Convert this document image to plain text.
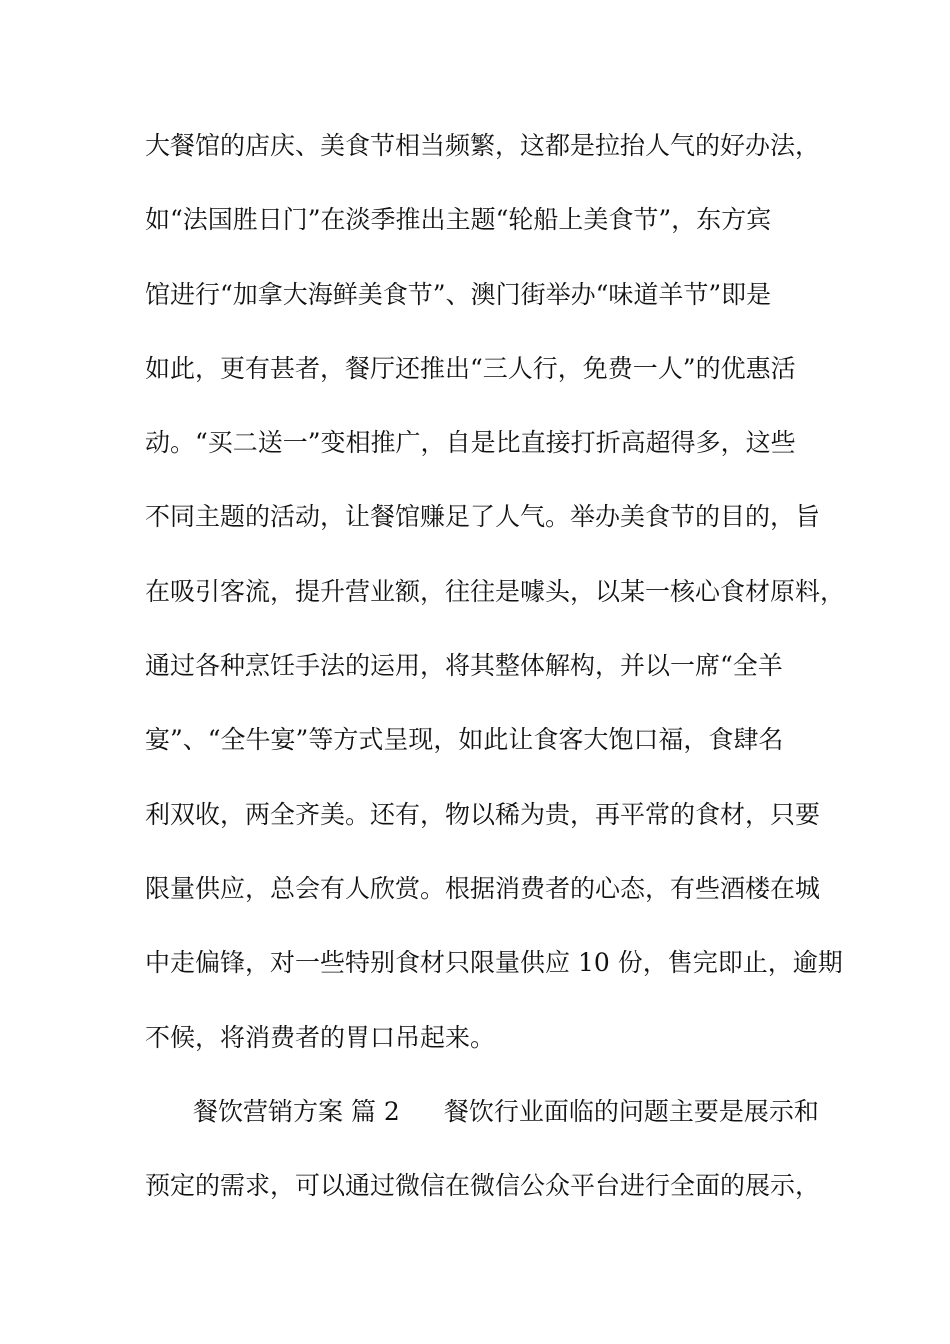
大餐馆的店庆、美食节相当频繁，这都是拉抬人气的好办法，
如“法国胜日门”在淡季推出主题“轮船上美食节”，东方宾
馆进行“加拿大海鲜美食节”、澳门街举办“味道羊节”即是
如此，更有甚者，餐厅还推出“三人行，免费一人”的优惠活
动。“买二送一”变相推广，自是比直接打折高超得多，这些
不同主题的活动，让餐馆赚足了人气。举办美食节的目的，旨
在吸引客流，提升营业额，往往是噱头，以某一核心食材原料，
通过各种烹饪手法的运用，将其整体解构，并以一席“全羊
宴”、“全牛宴”等方式呈现，如此让食客大饱口福，食肆名
利双收，两全齐美。还有，物以稀为贵，再平常的食材，只要
限量供应，总会有人欣赏。根据消费者的心态，有些酒楼在城
中走偏锋，对一些特别食材只限量供应 10 份，售完即止，逾期
不候，将消费者的胃口吊起来。
餐饮营销方案 篇 2 餐饮行业面临的问题主要是展示和
预定的需求，可以通过微信在微信公众平台进行全面的展示，
